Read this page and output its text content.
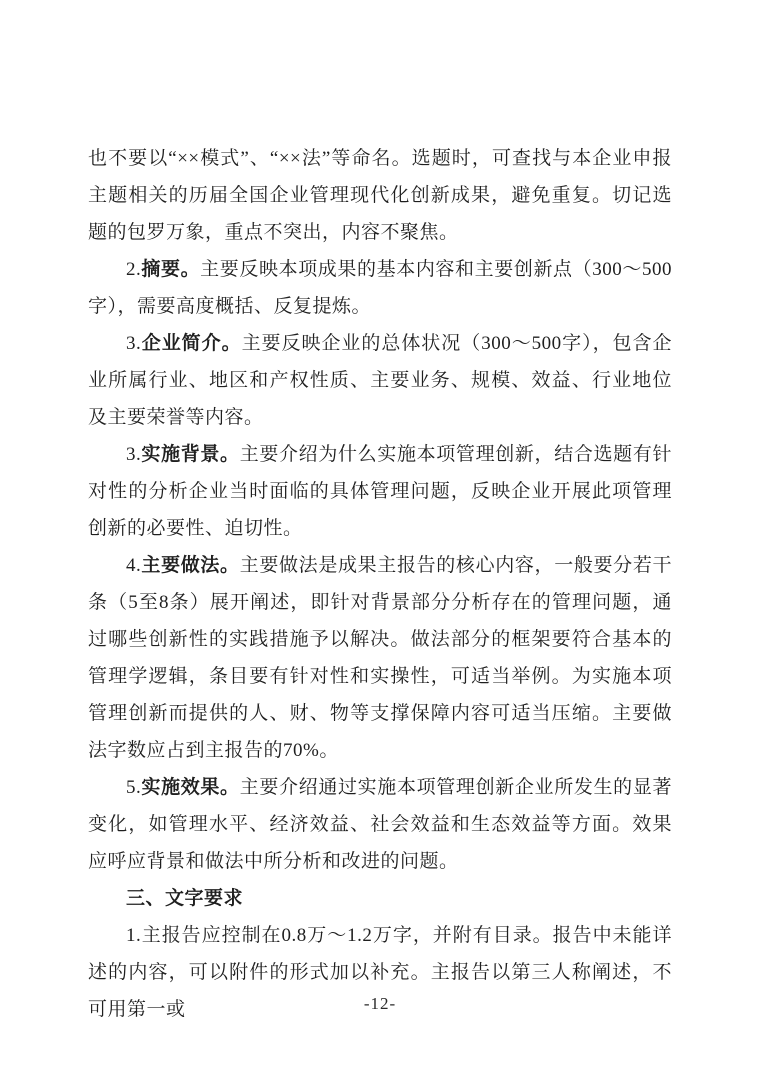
也不要以“××模式”、“××法”等命名。选题时，可查找与本企业申报主题相关的历届全国企业管理现代化创新成果，避免重复。切记选题的包罗万象，重点不突出，内容不聚焦。

2.摘要。主要反映本项成果的基本内容和主要创新点（300～500字），需要高度概括、反复提炼。

3.企业简介。主要反映企业的总体状况（300～500字），包含企业所属行业、地区和产权性质、主要业务、规模、效益、行业地位及主要荣誉等内容。

3.实施背景。主要介绍为什么实施本项管理创新，结合选题有针对性的分析企业当时面临的具体管理问题，反映企业开展此项管理创新的必要性、迫切性。

4.主要做法。主要做法是成果主报告的核心内容，一般要分若干条（5至8条）展开阐述，即针对背景部分分析存在的管理问题，通过哪些创新性的实践措施予以解决。做法部分的框架要符合基本的管理学逻辑，条目要有针对性和实操性，可适当举例。为实施本项管理创新而提供的人、财、物等支撑保障内容可适当压缩。主要做法字数应占到主报告的70%。

5.实施效果。主要介绍通过实施本项管理创新企业所发生的显著变化，如管理水平、经济效益、社会效益和生态效益等方面。效果应呼应背景和做法中所分析和改进的问题。

三、文字要求

1.主报告应控制在0.8万～1.2万字，并附有目录。报告中未能详述的内容，可以附件的形式加以补充。主报告以第三人称阐述，不可用第一或	-12-
